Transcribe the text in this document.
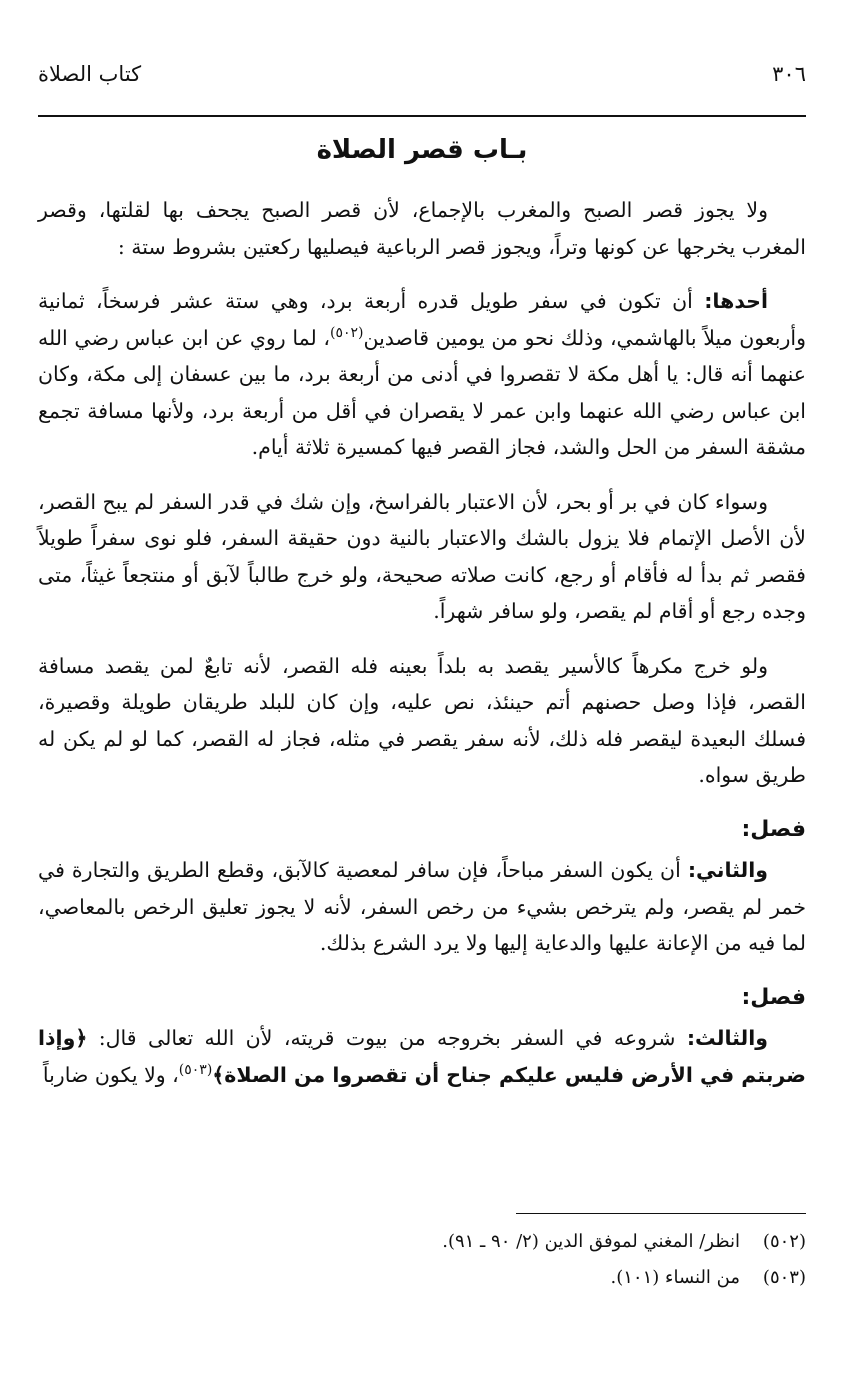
٣٠٦
كتاب الصلاة
بـاب قصر الصلاة

ولا يجوز قصر الصبح والمغرب بالإجماع، لأن قصر الصبح يجحف بها لقلتها، وقصر المغرب يخرجها عن كونها وتراً، ويجوز قصر الرباعية فيصليها ركعتين بشروط ستة :

أحدها: أن تكون في سفر طويل قدره أربعة برد، وهي ستة عشر فرسخاً، ثمانية وأربعون ميلاً بالهاشمي، وذلك نحو من يومين قاصدين$^{(٥٠٢)}$، لما روي عن ابن عباس رضي الله عنهما أنه قال: يا أهل مكة لا تقصروا في أدنى من أربعة برد، ما بين عسفان إلى مكة، وكان ابن عباس رضي الله عنهما وابن عمر لا يقصران في أقل من أربعة برد، ولأنها مسافة تجمع مشقة السفر من الحل والشد، فجاز القصر فيها كمسيرة ثلاثة أيام.

وسواء كان في بر أو بحر، لأن الاعتبار بالفراسخ، وإن شك في قدر السفر لم يبح القصر، لأن الأصل الإتمام فلا يزول بالشك والاعتبار بالنية دون حقيقة السفر، فلو نوى سفراً طويلاً فقصر ثم بدأ له فأقام أو رجع، كانت صلاته صحيحة، ولو خرج طالباً لآبق أو منتجعاً غيثاً، متى وجده رجع أو أقام لم يقصر، ولو سافر شهراً.

ولو خرج مكرهاً كالأسير يقصد به بلداً بعينه فله القصر، لأنه تابعٌ لمن يقصد مسافة القصر، فإذا وصل حصنهم أتم حينئذ، نص عليه، وإن كان للبلد طريقان طويلة وقصيرة، فسلك البعيدة ليقصر فله ذلك، لأنه سفر يقصر في مثله، فجاز له القصر، كما لو لم يكن له طريق سواه.

فصل:

والثاني: أن يكون السفر مباحاً، فإن سافر لمعصية كالآبق، وقطع الطريق والتجارة في خمر لم يقصر، ولم يترخص بشيء من رخص السفر، لأنه لا يجوز تعليق الرخص بالمعاصي، لما فيه من الإعانة عليها والدعاية إليها ولا يرد الشرع بذلك.

فصل:

والثالث: شروعه في السفر بخروجه من بيوت قريته، لأن الله تعالى قال: ﴿وإذا ضربتم في الأرض فليس عليكم جناح أن تقصروا من الصلاة﴾$^{(٥٠٣)}$، ولا يكون ضارباً

(٥٠٢)
انظر/ المغني لموفق الدين (٢/ ٩٠ ـ ٩١).
(٥٠٣)
من النساء (١٠١).
